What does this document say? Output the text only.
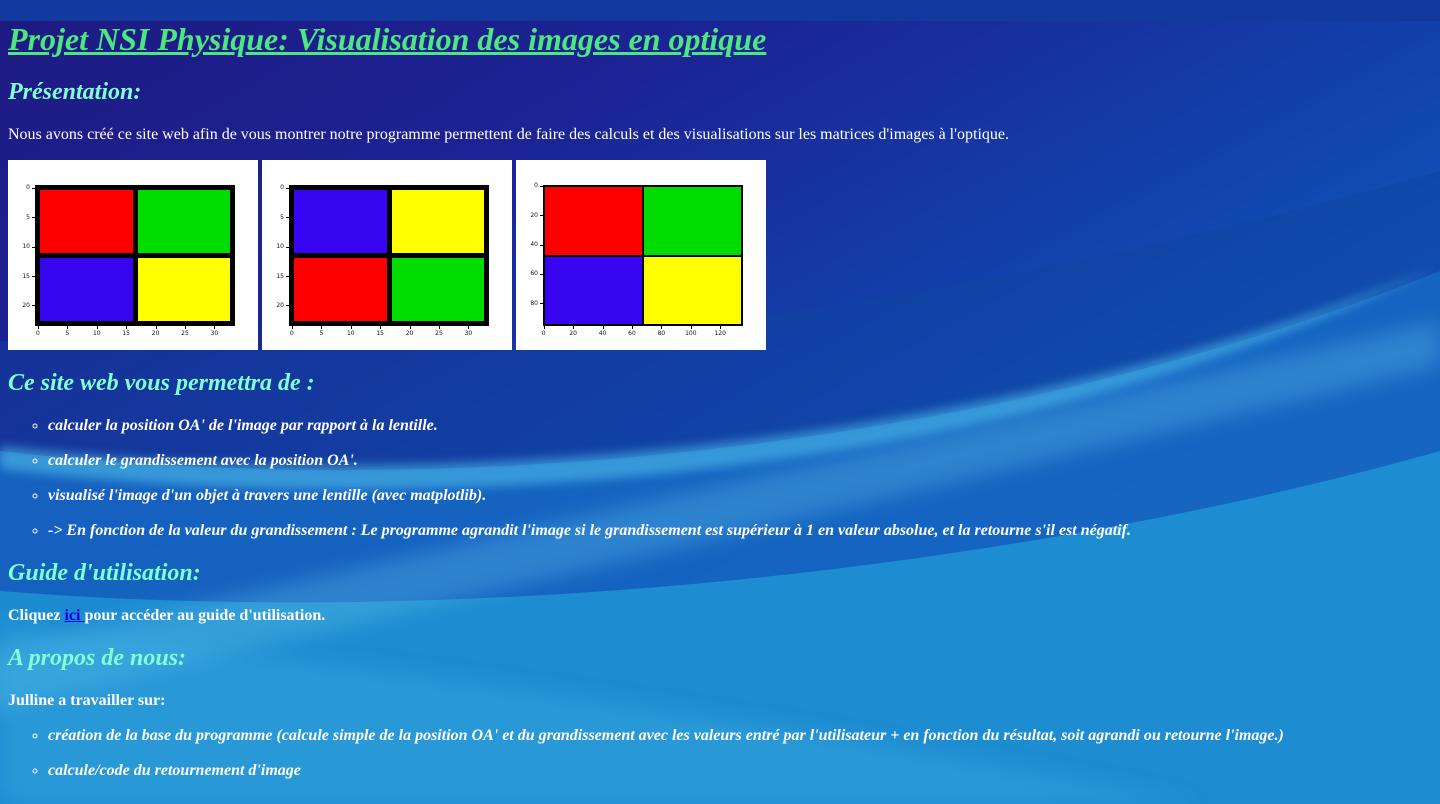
Projet NSI Physique: Visualisation des images en optique
Présentation:

Nous avons créé ce site web afin de vous montrer notre programme permettent de faire des calculs et des visualisations sur les matrices d'images à l'optique.

0	5	10	15	20	25	30
0
5
10
15
20
0	5	10	15	20	25	30
0
5
10
15
20
0	20	40	60	80	100	120
0
20
40
60
80
Ce site web vous permettra de :
◦ calculer la position OA' de l'image par rapport à la lentille.
◦ calculer le grandissement avec la position OA'.
◦ visualisé l'image d'un objet à travers une lentille (avec matplotlib).
◦ -> En fonction de la valeur du grandissement : Le programme agrandit l'image si le grandissement est supérieur à 1 en valeur absolue, et la retourne s'il est négatif.
Guide d'utilisation:

Cliquez ici pour accéder au guide d'utilisation.

A propos de nous:

Julline a travailler sur:

◦ création de la base du programme (calcule simple de la position OA' et du grandissement avec les valeurs entré par l'utilisateur + en fonction du résultat, soit agrandi ou retourne l'image.)
◦ calcule/code du retournement d'image
